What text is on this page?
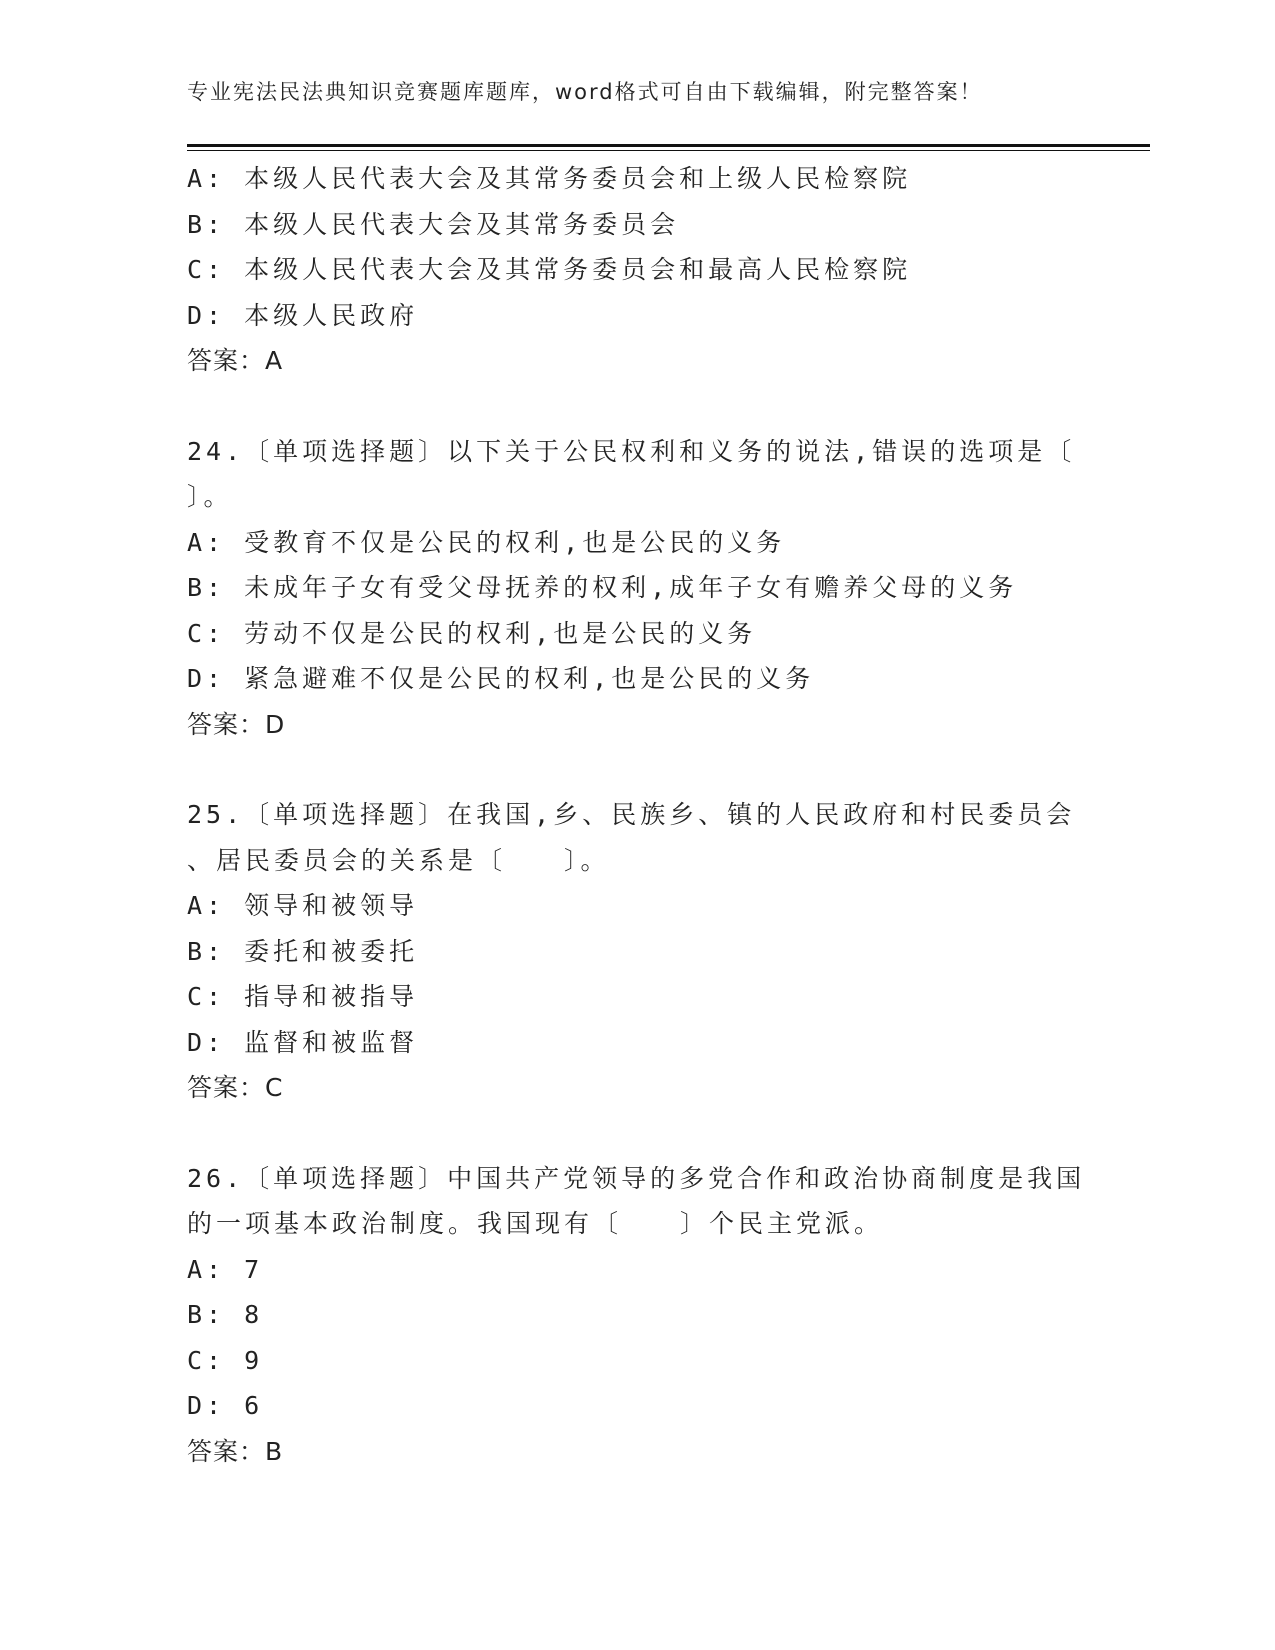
专业宪法民法典知识竞赛题库题库，word格式可自由下载编辑，附完整答案！
A: 本级人民代表大会及其常务委员会和上级人民检察院
B: 本级人民代表大会及其常务委员会
C: 本级人民代表大会及其常务委员会和最高人民检察院
D: 本级人民政府
答案：A
24.〔单项选择题〕以下关于公民权利和义务的说法,错误的选项是〔
〕。
A: 受教育不仅是公民的权利,也是公民的义务
B: 未成年子女有受父母抚养的权利,成年子女有赡养父母的义务
C: 劳动不仅是公民的权利,也是公民的义务
D: 紧急避难不仅是公民的权利,也是公民的义务
答案：D
25.〔单项选择题〕在我国,乡、民族乡、镇的人民政府和村民委员会
、居民委员会的关系是〔　　〕。
A: 领导和被领导
B: 委托和被委托
C: 指导和被指导
D: 监督和被监督
答案：C
26.〔单项选择题〕中国共产党领导的多党合作和政治协商制度是我国
的一项基本政治制度。我国现有〔　　〕个民主党派。
A: 7
B: 8
C: 9
D: 6
答案：B
